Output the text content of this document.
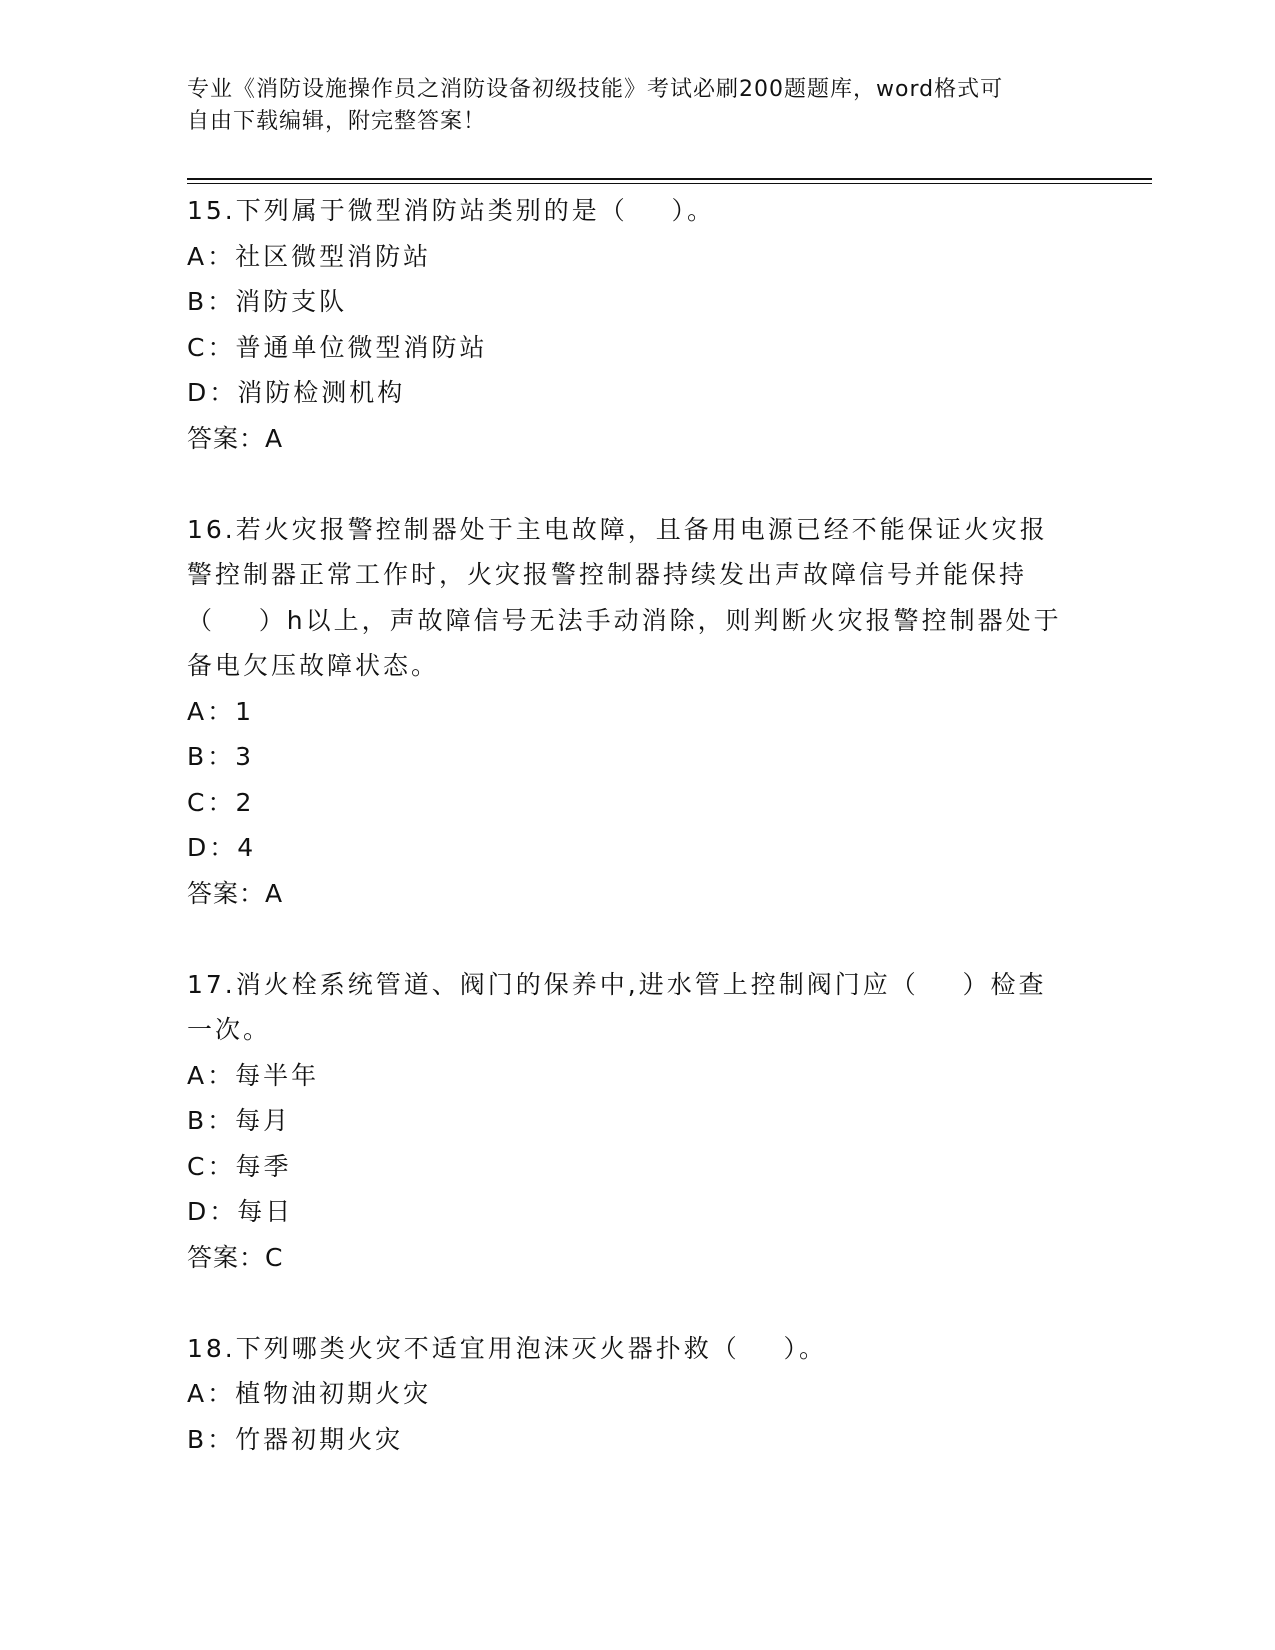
专业《消防设施操作员之消防设备初级技能》考试必刷200题题库，word格式可
自由下载编辑，附完整答案！
15.下列属于微型消防站类别的是（    ）。
A：社区微型消防站
B：消防支队
C：普通单位微型消防站
D：消防检测机构
答案：A
16.若火灾报警控制器处于主电故障，且备用电源已经不能保证火灾报
警控制器正常工作时，火灾报警控制器持续发出声故障信号并能保持
（    ）h以上，声故障信号无法手动消除，则判断火灾报警控制器处于
备电欠压故障状态。
A：1
B：3
C：2
D：4
答案：A
17.消火栓系统管道、阀门的保养中,进水管上控制阀门应（    ）检查
一次。
A：每半年
B：每月
C：每季
D：每日
答案：C
18.下列哪类火灾不适宜用泡沫灭火器扑救（    ）。
A：植物油初期火灾
B：竹器初期火灾
